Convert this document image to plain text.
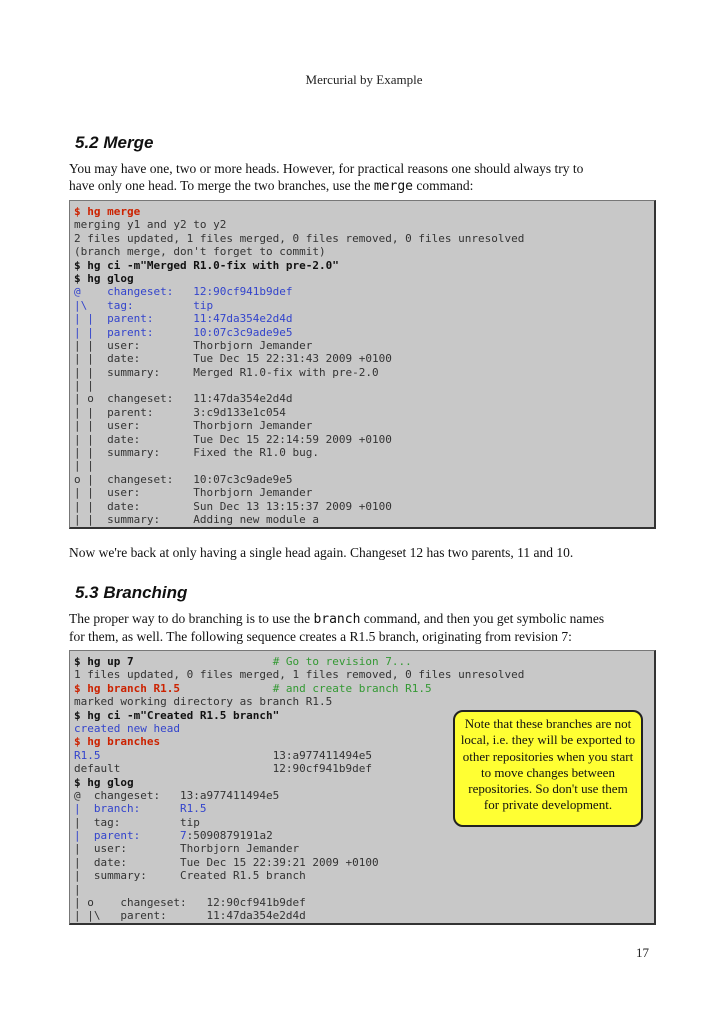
Mercurial by Example
5.2 Merge
You may have one, two or more heads. However, for practical reasons one should always try to
have only one head. To merge the two branches, use the merge command:
$ hg merge
merging y1 and y2 to y2
2 files updated, 1 files merged, 0 files removed, 0 files unresolved
(branch merge, don't forget to commit)
$ hg ci -m"Merged R1.0-fix with pre-2.0"
$ hg glog
@    changeset:   12:90cf941b9def
|\   tag:         tip
| |  parent:      11:47da354e2d4d
| |  parent:      10:07c3c9ade9e5
| |  user:        Thorbjorn Jemander
| |  date:        Tue Dec 15 22:31:43 2009 +0100
| |  summary:     Merged R1.0-fix with pre-2.0
| |
| o  changeset:   11:47da354e2d4d
| |  parent:      3:c9d133e1c054
| |  user:        Thorbjorn Jemander
| |  date:        Tue Dec 15 22:14:59 2009 +0100
| |  summary:     Fixed the R1.0 bug.
| |
o |  changeset:   10:07c3c9ade9e5
| |  user:        Thorbjorn Jemander
| |  date:        Sun Dec 13 13:15:37 2009 +0100
| |  summary:     Adding new module a
Now we're back at only having a single head again. Changeset 12 has two parents, 11 and 10.
5.3 Branching
The proper way to do branching is to use the branch command, and then you get symbolic names
for them, as well. The following sequence creates a R1.5 branch, originating from revision 7:
$ hg up 7                     # Go to revision 7...
1 files updated, 0 files merged, 1 files removed, 0 files unresolved
$ hg branch R1.5              # and create branch R1.5
marked working directory as branch R1.5
$ hg ci -m"Created R1.5 branch"
created new head
$ hg branches
R1.5                          13:a977411494e5
default                       12:90cf941b9def
$ hg glog
@  changeset:   13:a977411494e5
|  branch:      R1.5
|  tag:         tip
|  parent:      7:5090879191a2
|  user:        Thorbjorn Jemander
|  date:        Tue Dec 15 22:39:21 2009 +0100
|  summary:     Created R1.5 branch
|
| o    changeset:   12:90cf941b9def
| |\   parent:      11:47da354e2d4d
Note that these branches are not
local, i.e. they will be exported to
other repositories when you start
to move changes between
repositories. So don't use them
for private development.
17
